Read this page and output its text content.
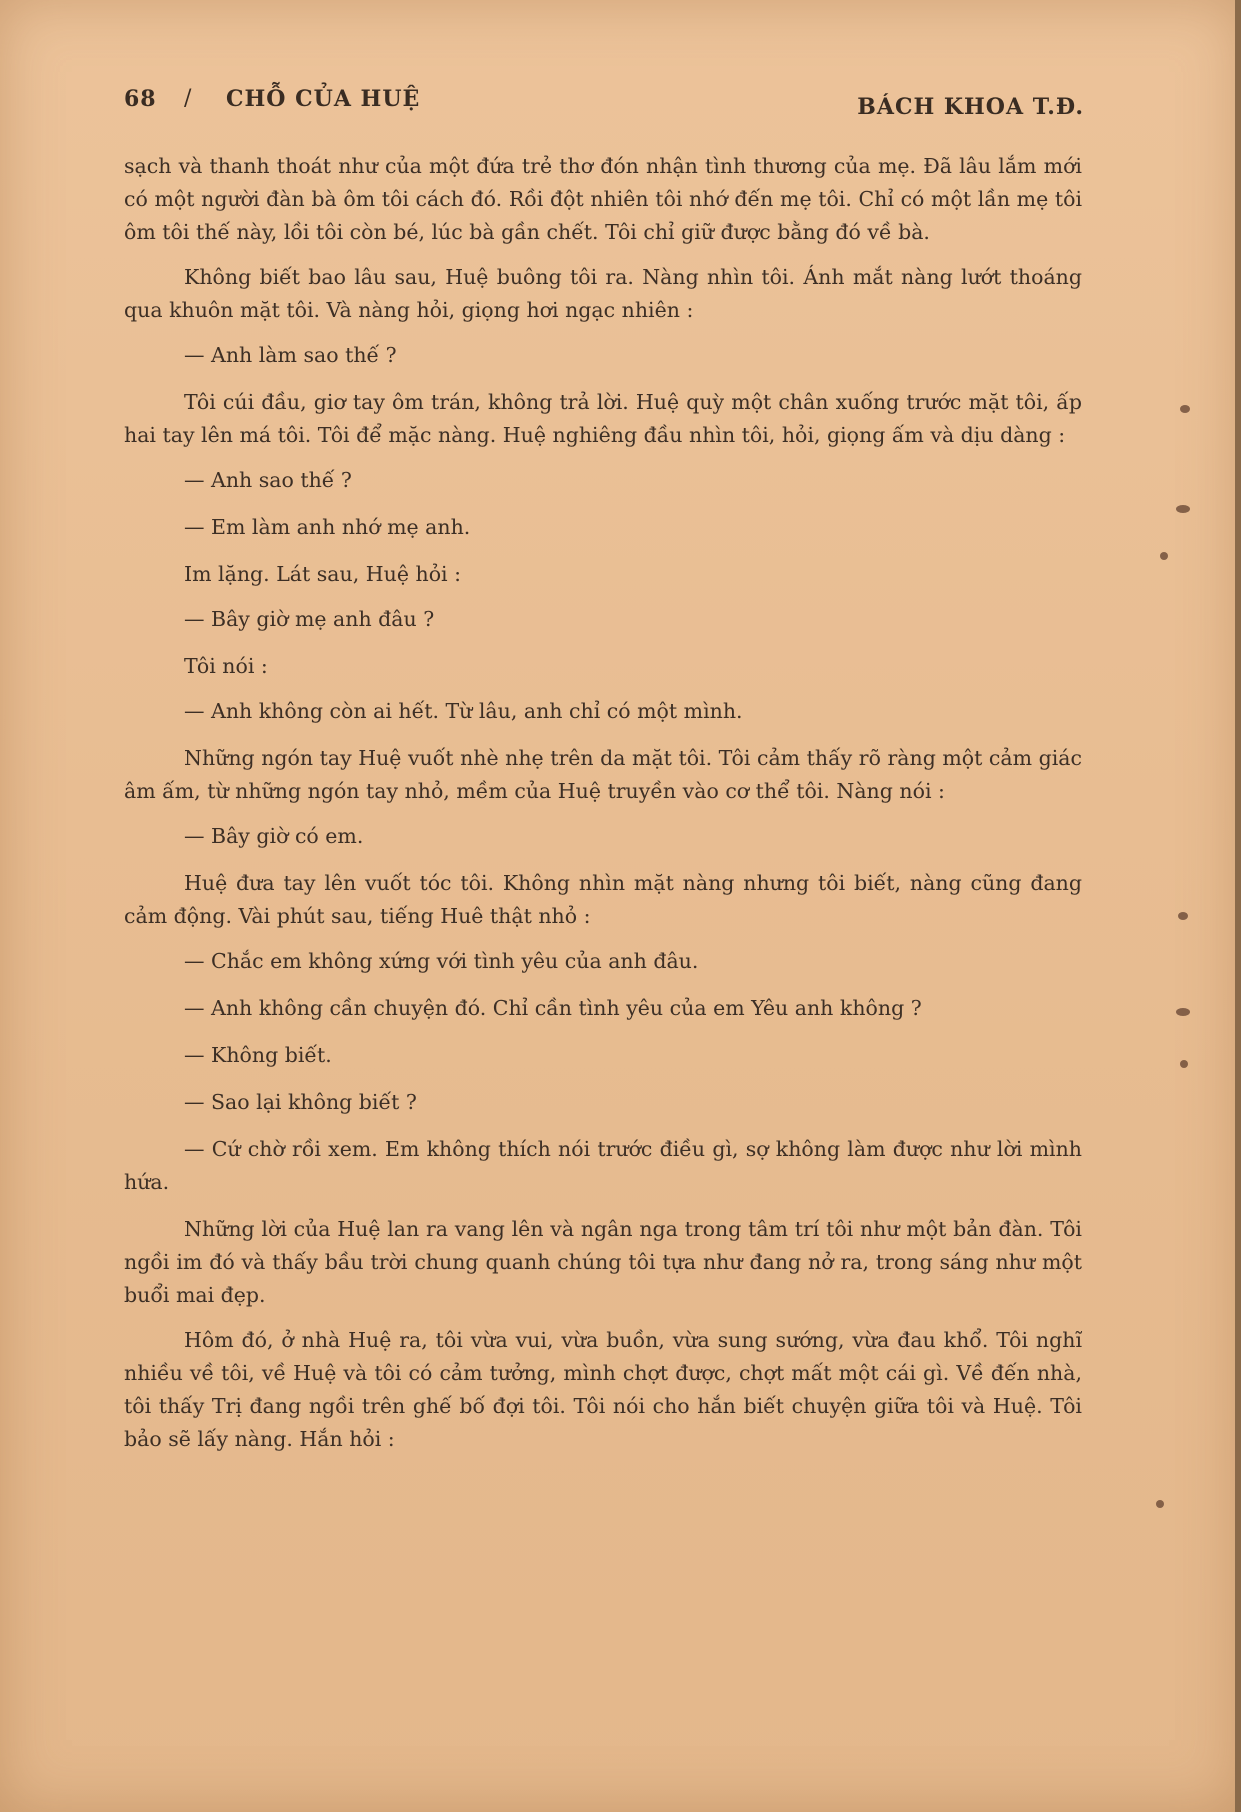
68 / CHỖ CỦA HUỆ	BÁCH KHOA T.Đ.

sạch và thanh thoát như của một đứa trẻ thơ đón nhận tình thương của mẹ. Đã lâu lắm mới có một người đàn bà ôm tôi cách đó. Rồi đột nhiên tôi nhớ đến mẹ tôi. Chỉ có một lần mẹ tôi ôm tôi thế này, lồi tôi còn bé, lúc bà gần chết. Tôi chỉ giữ được bằng đó về bà.

Không biết bao lâu sau, Huệ buông tôi ra. Nàng nhìn tôi. Ánh mắt nàng lướt thoáng qua khuôn mặt tôi. Và nàng hỏi, giọng hơi ngạc nhiên :

— Anh làm sao thế ?

Tôi cúi đầu, giơ tay ôm trán, không trả lời. Huệ quỳ một chân xuống trước mặt tôi, ấp hai tay lên má tôi. Tôi để mặc nàng. Huệ nghiêng đầu nhìn tôi, hỏi, giọng ấm và dịu dàng :

— Anh sao thế ?

— Em làm anh nhớ mẹ anh.

Im lặng. Lát sau, Huệ hỏi :

— Bây giờ mẹ anh đâu ?

Tôi nói :

— Anh không còn ai hết. Từ lâu, anh chỉ có một mình.

Những ngón tay Huệ vuốt nhè nhẹ trên da mặt tôi. Tôi cảm thấy rõ ràng một cảm giác âm ấm, từ những ngón tay nhỏ, mềm của Huệ truyền vào cơ thể tôi. Nàng nói :

— Bây giờ có em.

Huệ đưa tay lên vuốt tóc tôi. Không nhìn mặt nàng nhưng tôi biết, nàng cũng đang cảm động. Vài phút sau, tiếng Huê thật nhỏ :

— Chắc em không xứng với tình yêu của anh đâu.

— Anh không cần chuyện đó. Chỉ cần tình yêu của em Yêu anh không ?

— Không biết.

— Sao lại không biết ?

— Cứ chờ rồi xem. Em không thích nói trước điều gì, sợ không làm được như lời mình hứa.

Những lời của Huệ lan ra vang lên và ngân nga trong tâm trí tôi như một bản đàn. Tôi ngồi im đó và thấy bầu trời chung quanh chúng tôi tựa như đang nở ra, trong sáng như một buổi mai đẹp.

Hôm đó, ở nhà Huệ ra, tôi vừa vui, vừa buồn, vừa sung sướng, vừa đau khổ. Tôi nghĩ nhiều về tôi, về Huệ và tôi có cảm tưởng, mình chợt được, chợt mất một cái gì. Về đến nhà, tôi thấy Trị đang ngồi trên ghế bố đợi tôi. Tôi nói cho hắn biết chuyện giữa tôi và Huệ. Tôi bảo sẽ lấy nàng. Hắn hỏi :
